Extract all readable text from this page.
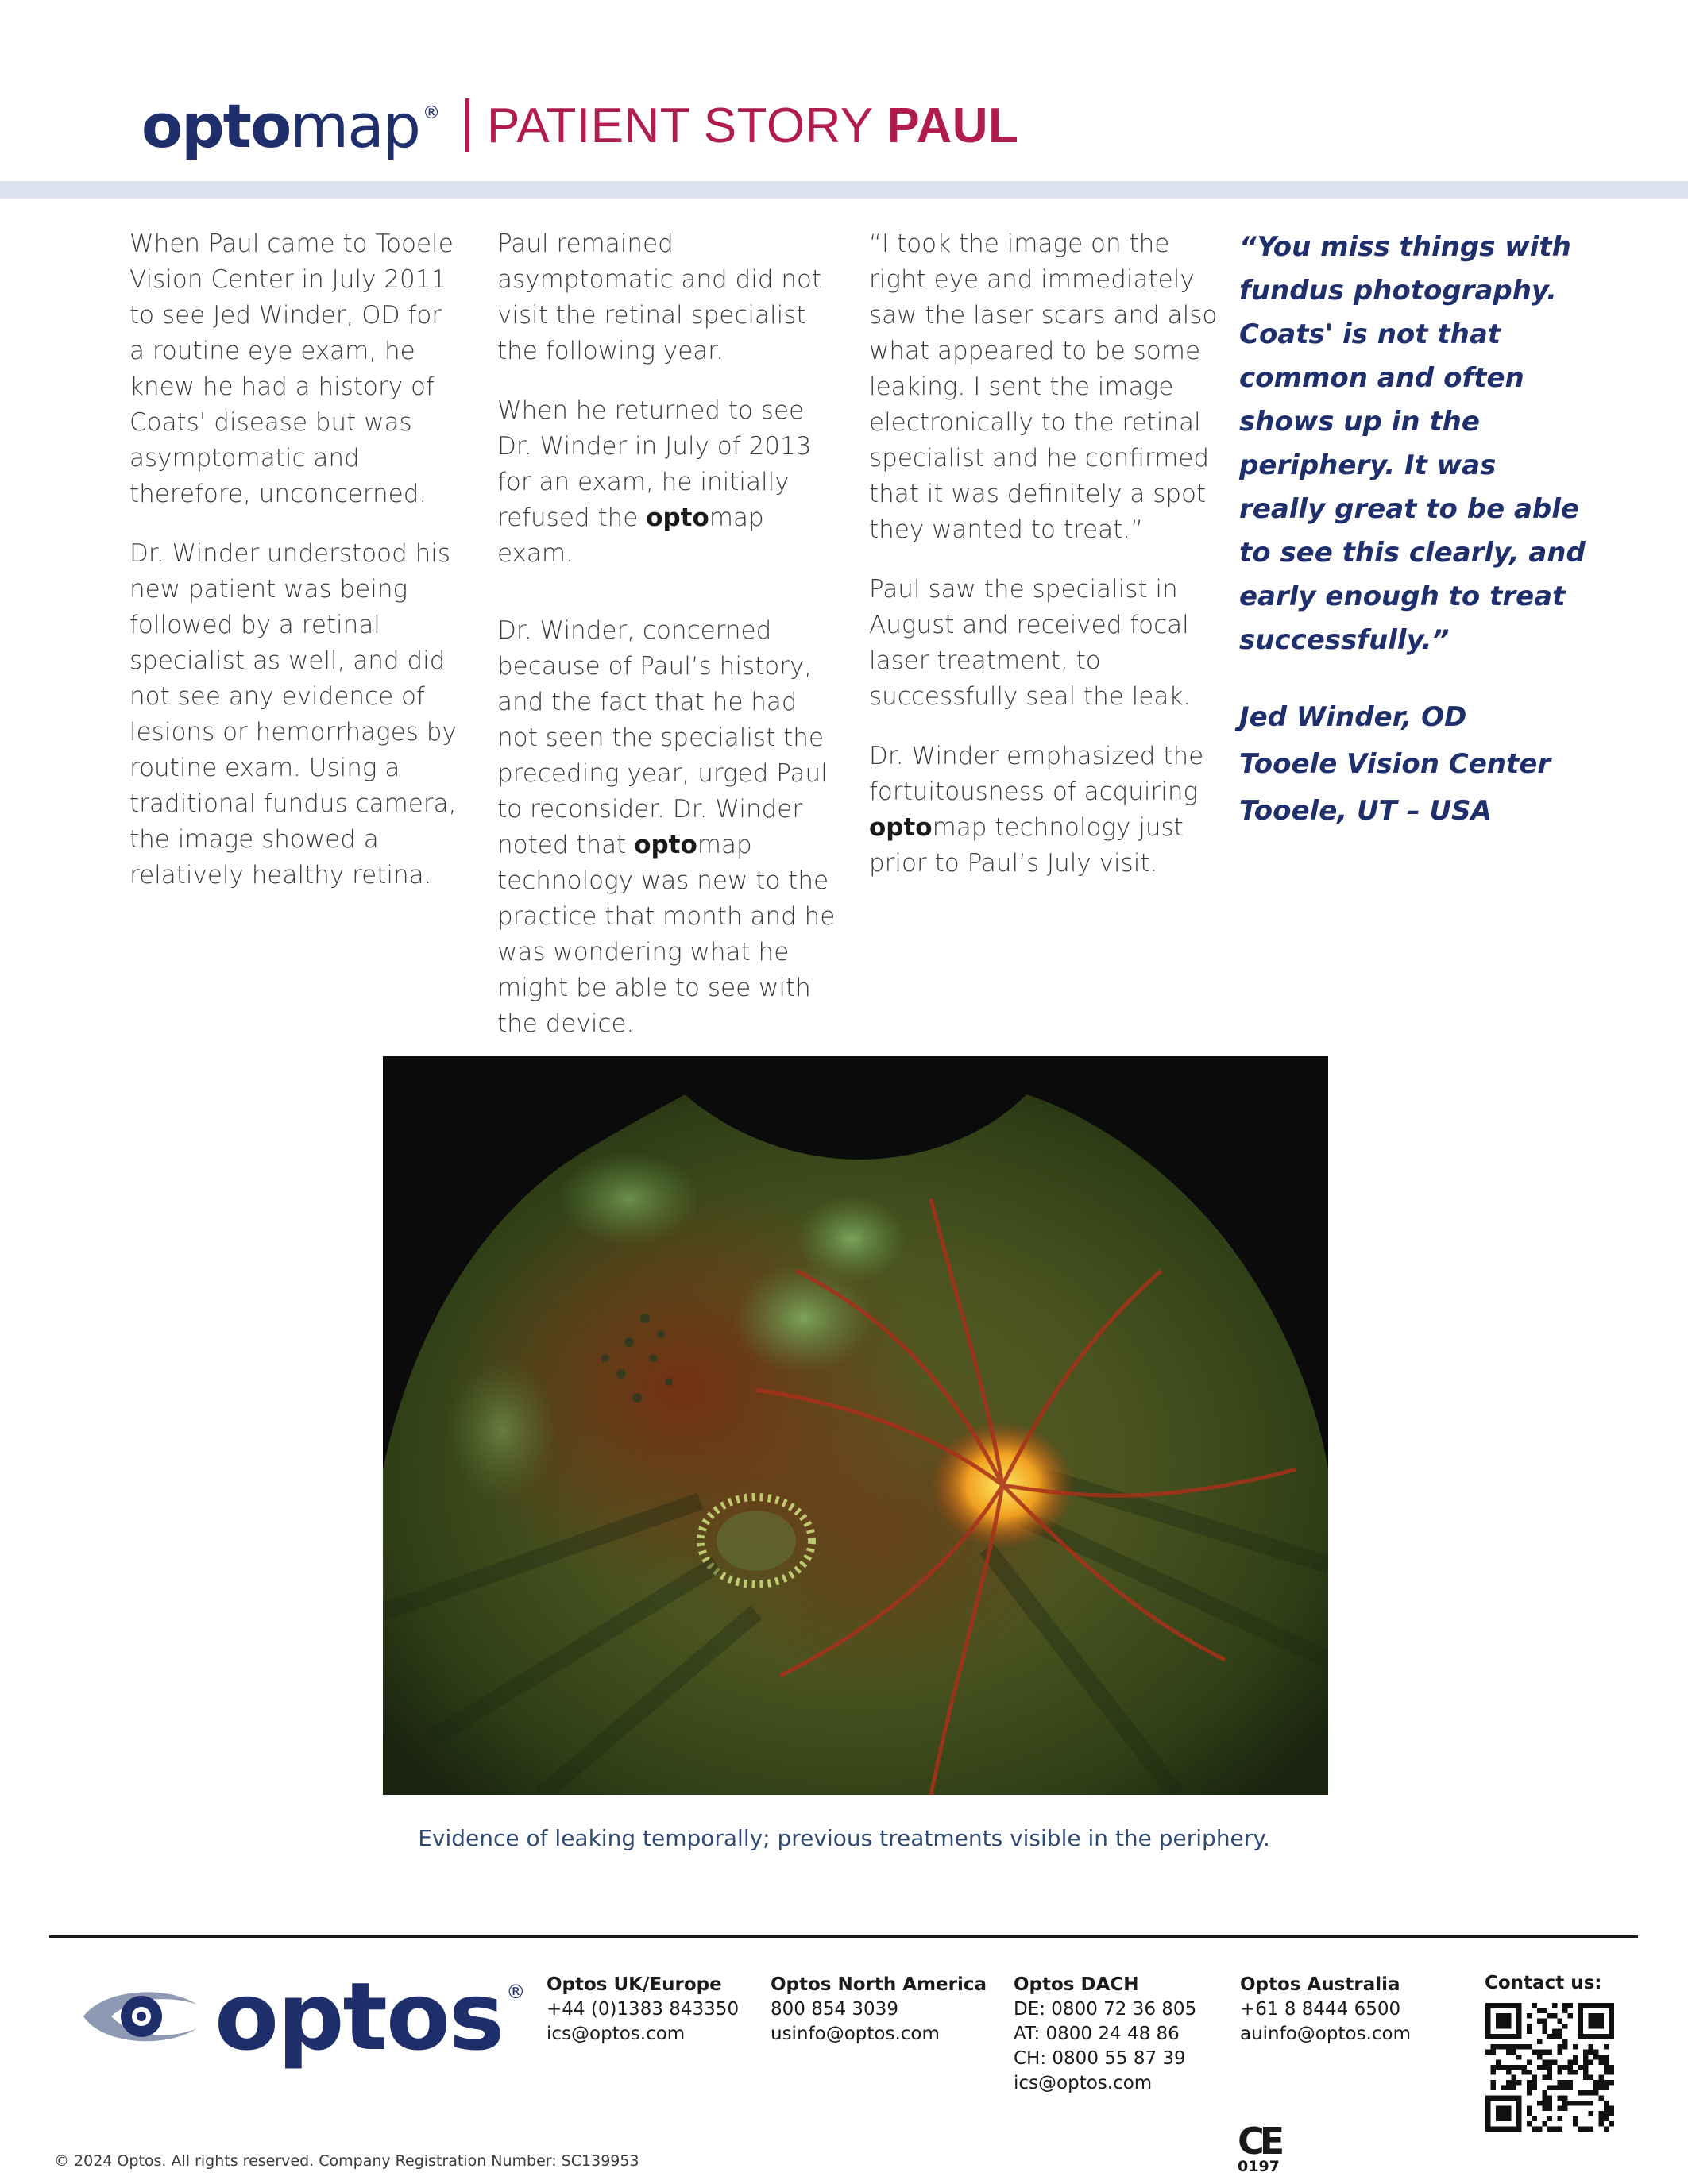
opto map ® PATIENT STORY PAUL

When Paul came to Tooele Vision Center in July 2011 to see Jed Winder, OD for a routine eye exam, he knew he had a history of Coats' disease but was asymptomatic and therefore, unconcerned.

Dr. Winder understood his new patient was being followed by a retinal specialist as well, and did not see any evidence of lesions or hemorrhages by routine exam. Using a traditional fundus camera, the image showed a relatively healthy retina.

Paul remained asymptomatic and did not visit the retinal specialist the following year.

When he returned to see Dr. Winder in July of 2013 for an exam, he initially refused the optomap exam.

Dr. Winder, concerned because of Paul’s history, and the fact that he had not seen the specialist the preceding year, urged Paul to reconsider. Dr. Winder noted that optomap technology was new to the practice that month and he was wondering what he might be able to see with the device.

“I took the image on the right eye and immediately saw the laser scars and also what appeared to be some leaking. I sent the image electronically to the retinal specialist and he confirmed that it was definitely a spot they wanted to treat.”

Paul saw the specialist in August and received focal laser treatment, to successfully seal the leak.

Dr. Winder emphasized the fortuitousness of acquiring optomap technology just prior to Paul’s July visit.

“You miss things with fundus photography. Coats' is not that common and often shows up in the periphery. It was really great to be able to see this clearly, and early enough to treat successfully.”
Jed Winder, OD
Tooele Vision Center
Tooele, UT – USA
Evidence of leaking temporally; previous treatments visible in the periphery.
optos ® Optos UK/Europe
+44 (0)1383 843350
ics@optos.com
Optos North America
800 854 3039
usinfo@optos.com
Optos DACH
DE: 0800 72 36 805
AT: 0800 24 48 86
CH: 0800 55 87 39
ics@optos.com
Optos Australia
+61 8 8444 6500
auinfo@optos.com
Contact us:
© 2024 Optos. All rights reserved. Company Registration Number: SC139953	CE
0197
